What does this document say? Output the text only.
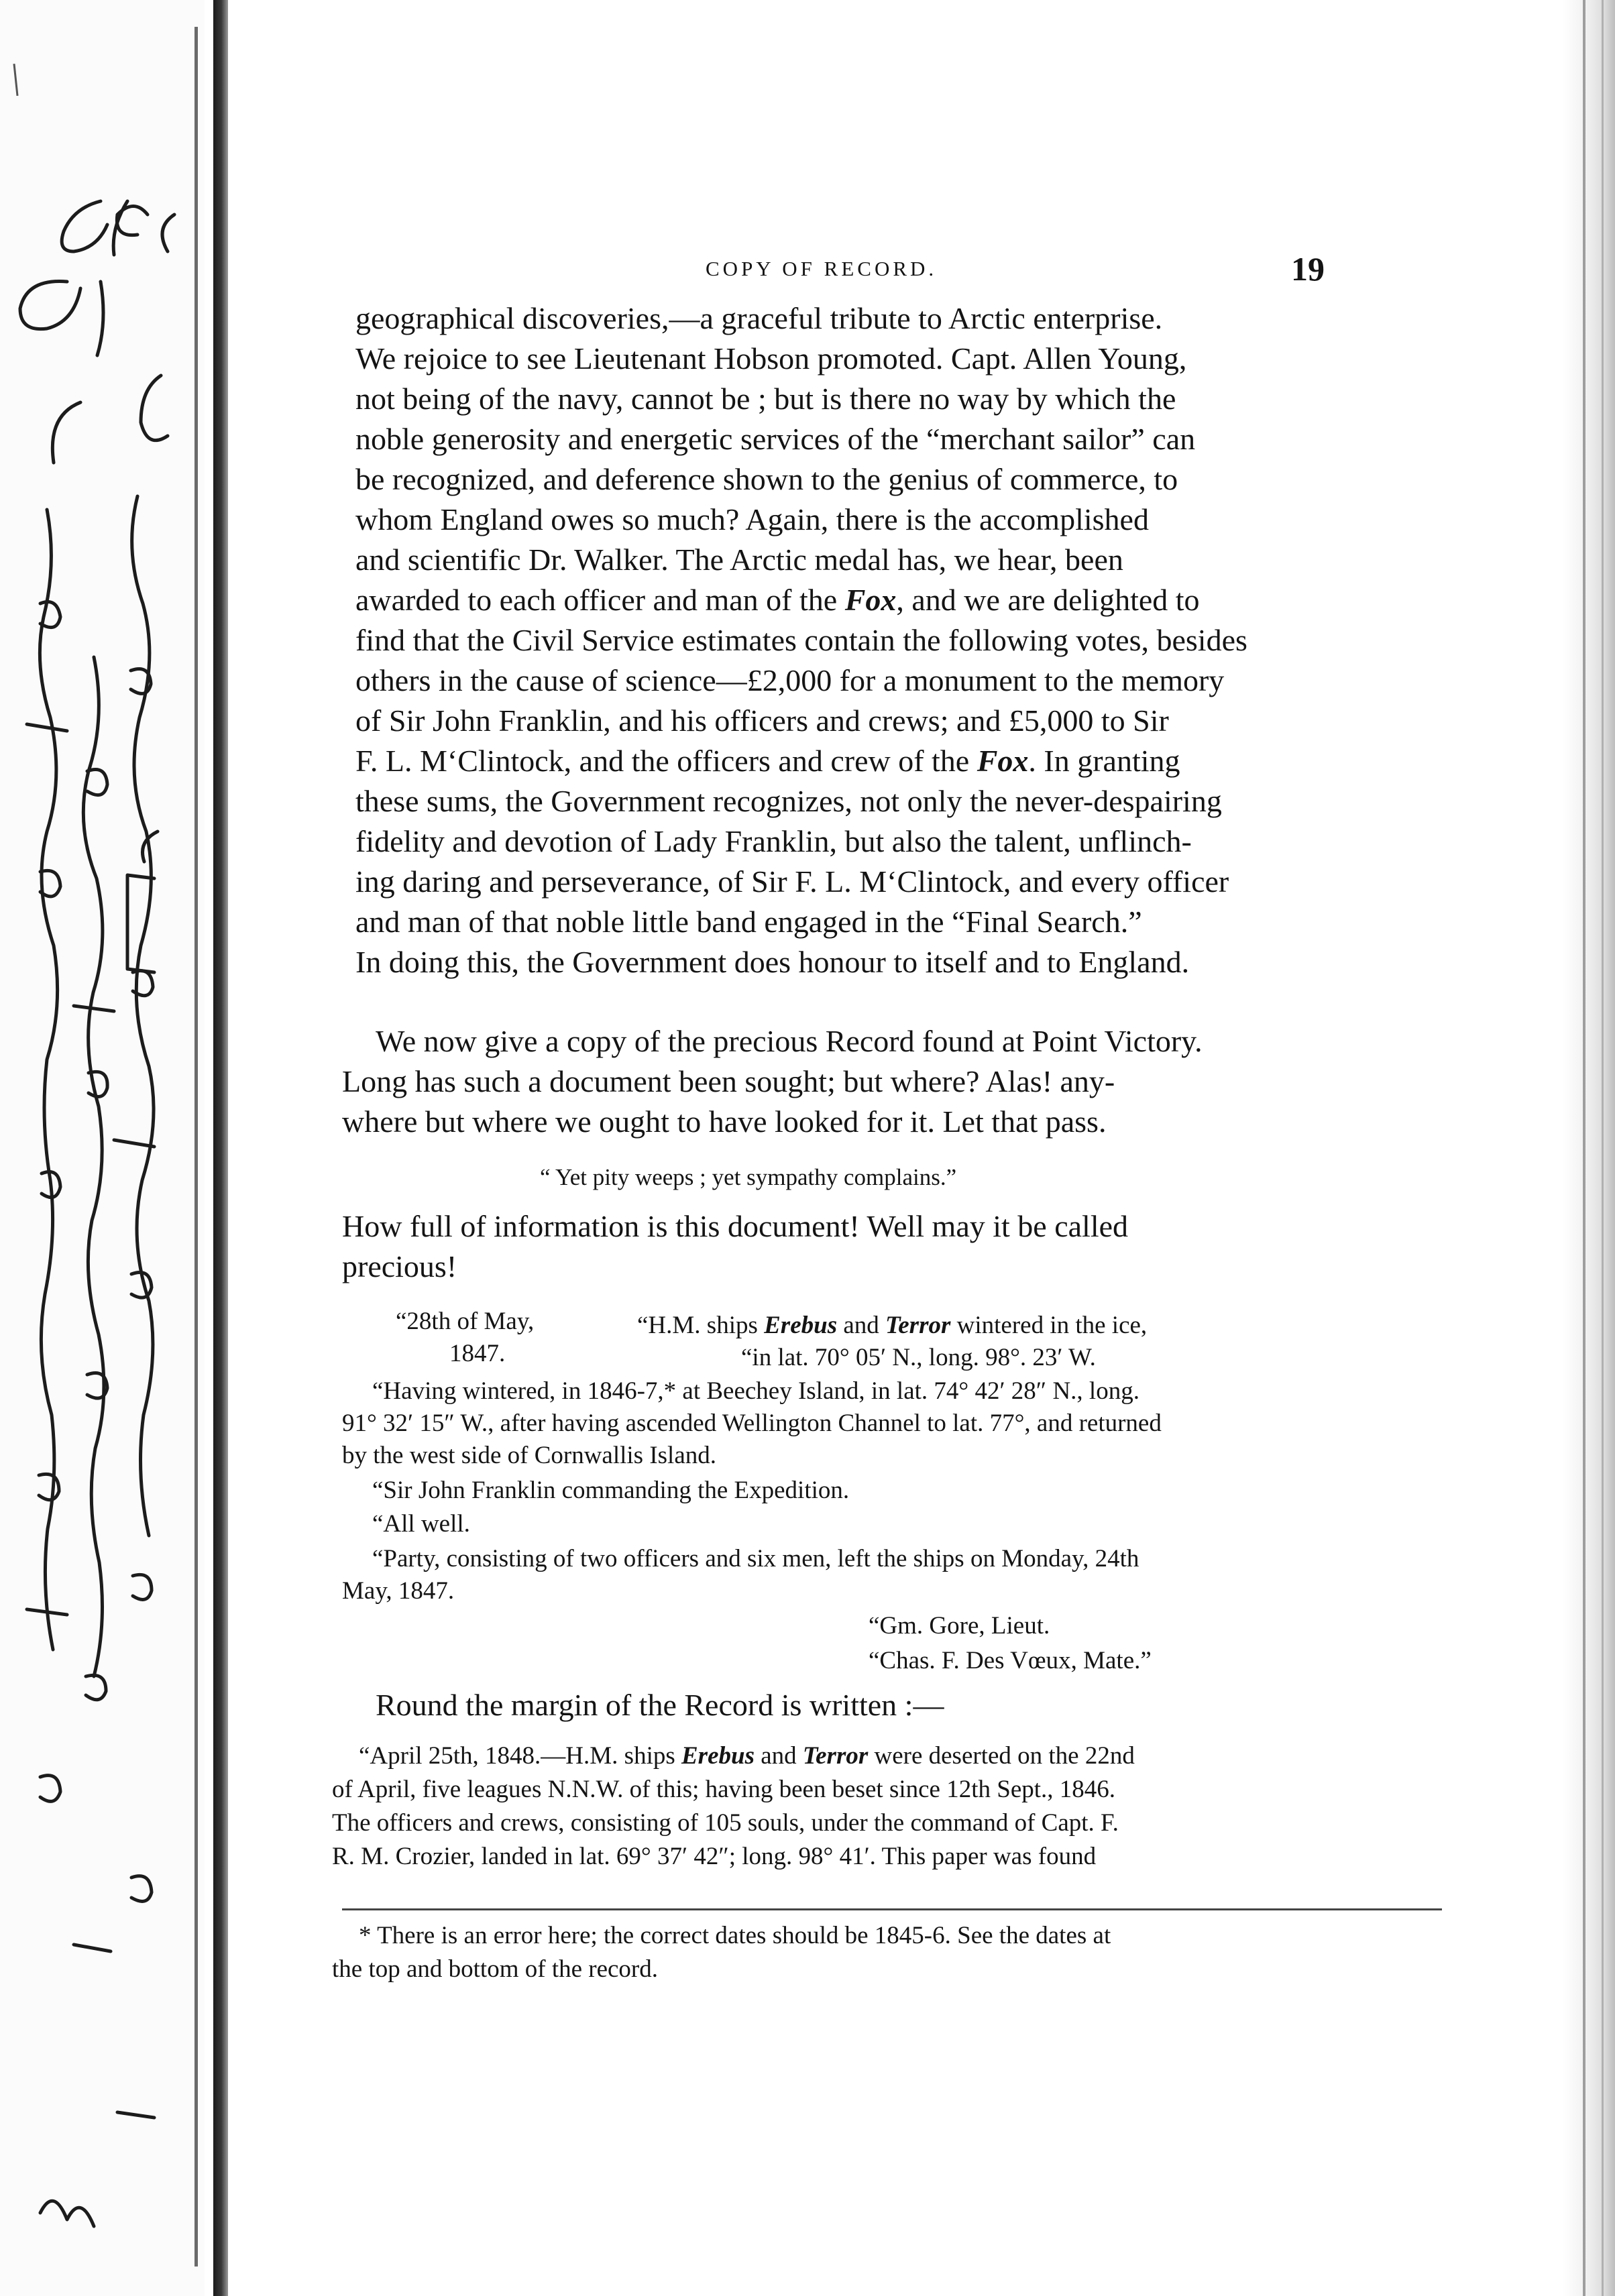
COPY OF RECORD.	19
geographical discoveries,—a graceful tribute to Arctic enterprise.
We rejoice to see Lieutenant Hobson promoted. Capt. Allen Young,
not being of the navy, cannot be ; but is there no way by which the
noble generosity and energetic services of the “merchant sailor” can
be recognized, and deference shown to the genius of commerce, to
whom England owes so much? Again, there is the accomplished
and scientific Dr. Walker. The Arctic medal has, we hear, been
awarded to each officer and man of the Fox, and we are delighted to
find that the Civil Service estimates contain the following votes, besides
others in the cause of science—£2,000 for a monument to the memory
of Sir John Franklin, and his officers and crews; and £5,000 to Sir
F. L. M‘Clintock, and the officers and crew of the Fox. In granting
these sums, the Government recognizes, not only the never-despairing
fidelity and devotion of Lady Franklin, but also the talent, unflinch-
ing daring and perseverance, of Sir F. L. M‘Clintock, and every officer
and man of that noble little band engaged in the “Final Search.”
In doing this, the Government does honour to itself and to England.
We now give a copy of the precious Record found at Point Victory.
Long has such a document been sought; but where? Alas! any-
where but where we ought to have looked for it. Let that pass.
“ Yet pity weeps ; yet sympathy complains.”
How full of information is this document! Well may it be called
precious!
“28th of May,
1847.
“H.M. ships Erebus and Terror wintered in the ice,
“in lat. 70° 05′ N., long. 98°. 23′ W.
“Having wintered, in 1846-7,* at Beechey Island, in lat. 74° 42′ 28″ N., long.
91° 32′ 15″ W., after having ascended Wellington Channel to lat. 77°, and returned
by the west side of Cornwallis Island.
“Sir John Franklin commanding the Expedition.
“All well.
“Party, consisting of two officers and six men, left the ships on Monday, 24th
May, 1847.
“Gm. Gore, Lieut.
“Chas. F. Des Vœux, Mate.”
Round the margin of the Record is written :—
“April 25th, 1848.—H.M. ships Erebus and Terror were deserted on the 22nd
of April, five leagues N.N.W. of this; having been beset since 12th Sept., 1846.
The officers and crews, consisting of 105 souls, under the command of Capt. F.
R. M. Crozier, landed in lat. 69° 37′ 42″; long. 98° 41′. This paper was found
* There is an error here; the correct dates should be 1845-6. See the dates at
the top and bottom of the record.
